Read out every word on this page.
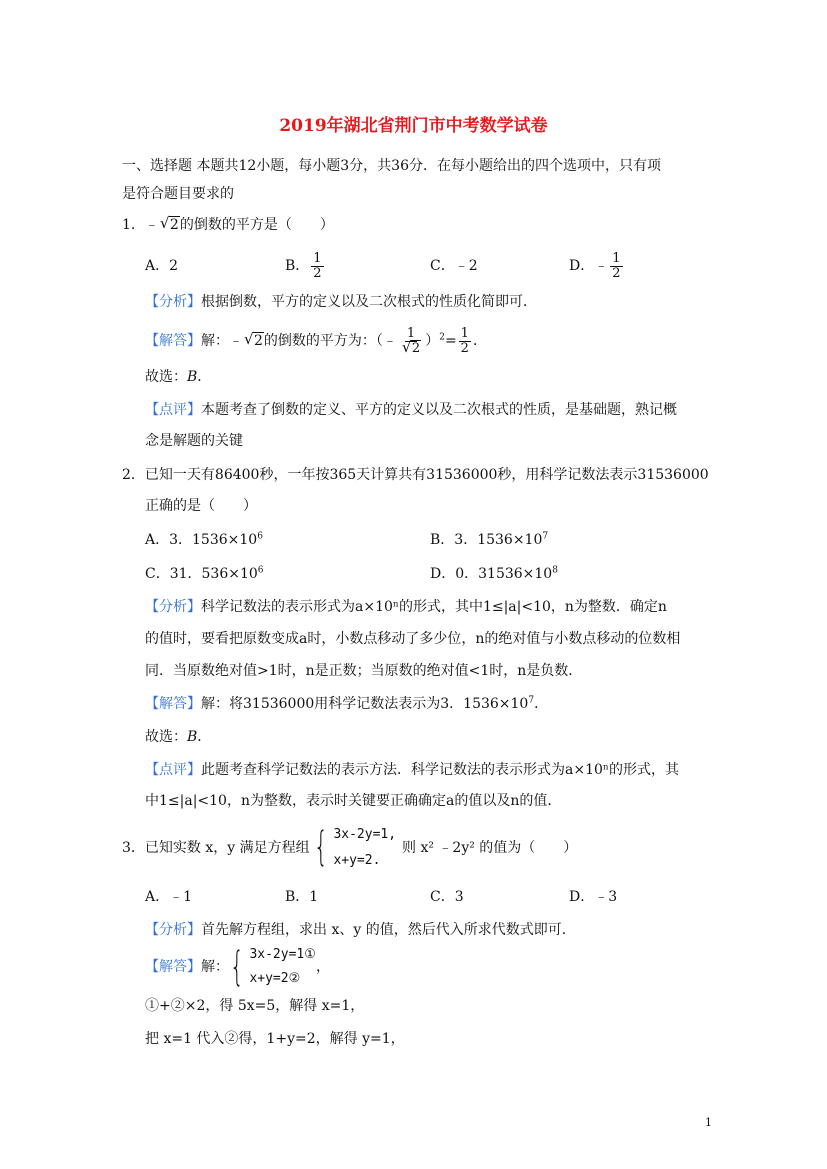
2019年湖北省荆门市中考数学试卷
一、选择题 本题共12小题，每小题3分，共36分．在每小题给出的四个选项中，只有项
是符合题目要求的
1．﹣ √ 2的倒数的平方是（　　）
A．2	B． $\frac{1}{2}$	C．﹣2	D．﹣ $\frac{1}{2}$
【分析】根据倒数，平方的定义以及二次根式的性质化简即可．
【解答】解：﹣ √ 2的倒数的平方为：（﹣ $\frac{1}{√ 2} )^2= \frac{1}{2}$ ．
故选：B．
【点评】本题考查了倒数的定义、平方的定义以及二次根式的性质，是基础题，熟记概
念是解题的关键
2．已知一天有86400秒，一年按365天计算共有31536000秒，用科学记数法表示31536000
正确的是（　　）
A．3．$1536\times 10^6$	B．3．$1536\times 10^7$
C．31．$536\times 10^6$	D．0．$31536\times 10^8$
【分析】科学记数法的表示形式为a×10ⁿ的形式，其中1≤|a|<10，n为整数．确定n
的值时，要看把原数变成a时，小数点移动了多少位，n的绝对值与小数点移动的位数相
同．当原数绝对值>1时，n是正数；当原数的绝对值<1时，n是负数．
【解答】解：将31536000用科学记数法表示为3．$1536\times 10^7$．
故选：B．
【点评】此题考查科学记数法的表示方法．科学记数法的表示形式为a×10ⁿ的形式，其
中1≤|a|<10，n为整数，表示时关键要正确确定a的值以及n的值．
3．已知实数 x，y 满足方程组 { 3x-2y=1,
x+y=2.
则 x² ﹣2y² 的值为（　　）
A．﹣1	B．1	C．3	D．﹣3
【分析】首先解方程组，求出 x、y 的值，然后代入所求代数式即可．
【解答】解： { 3x-2y=1①
x+y=2②
，
①+②×2，得 5x=5，解得 x=1，
把 x=1 代入②得，1+y=2，解得 y=1，
1
